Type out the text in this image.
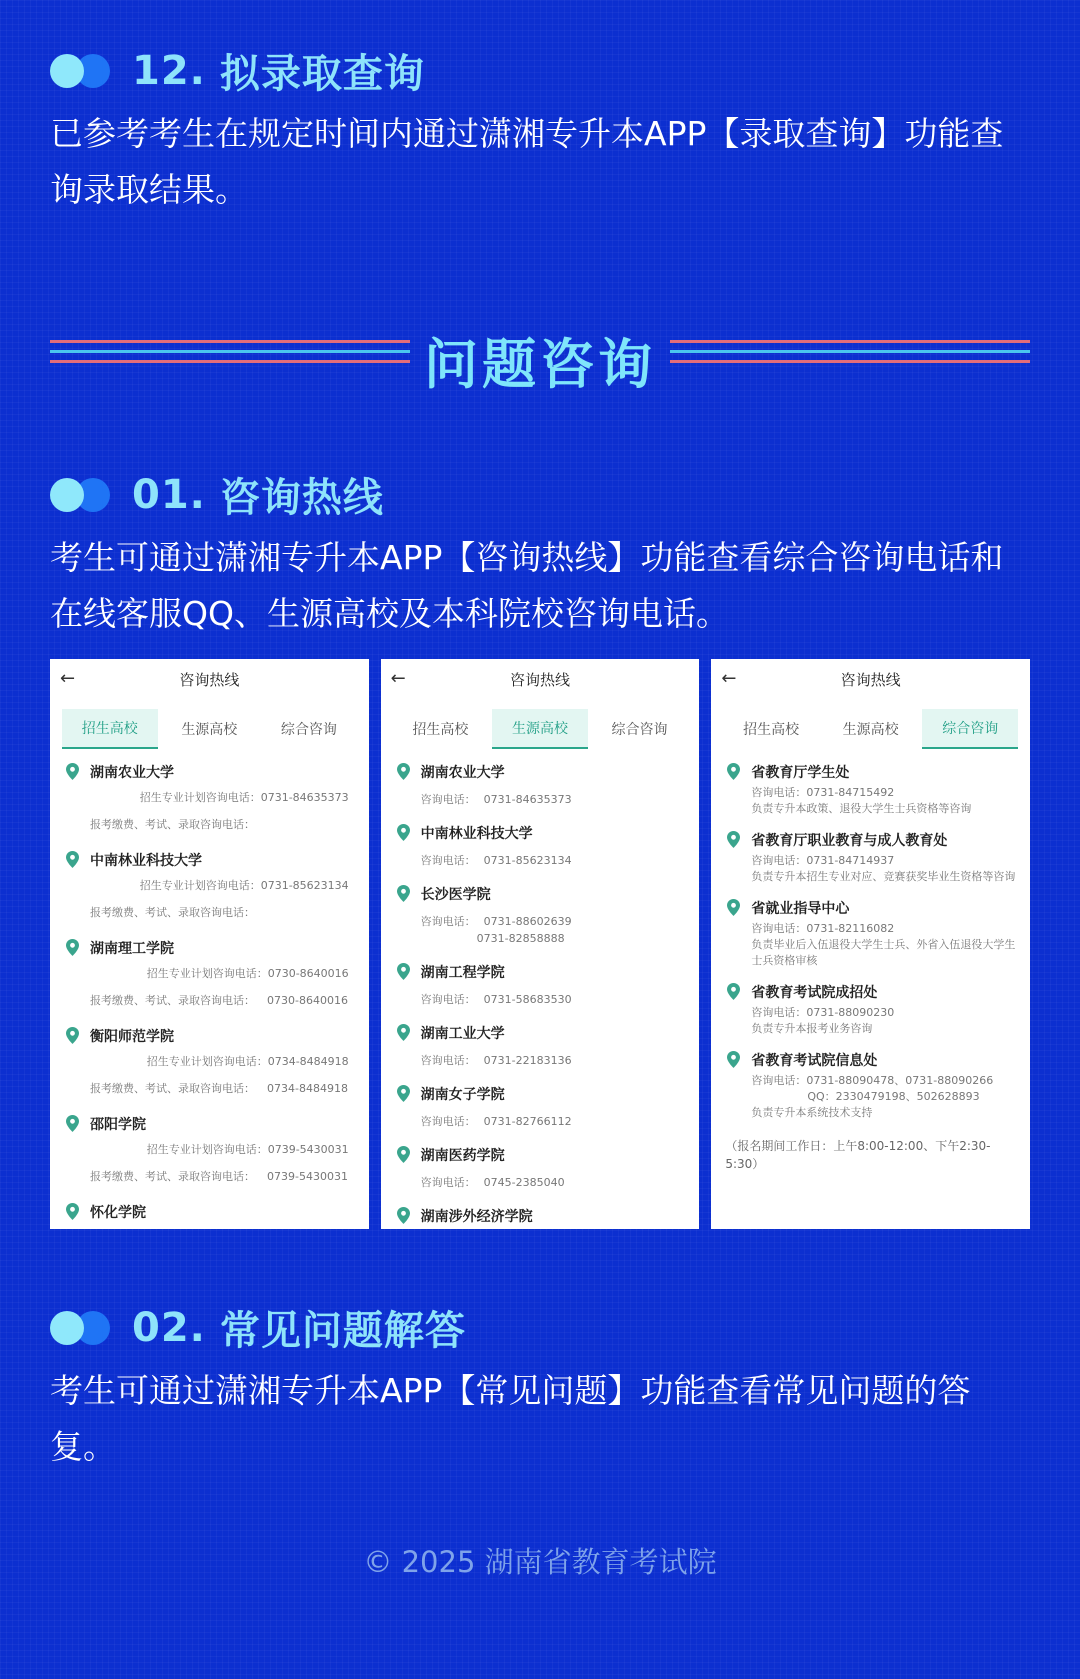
12. 拟录取查询
已参考考生在规定时间内通过潇湘专升本APP【录取查询】功能查询录取结果。
问题咨询
01. 咨询热线
考生可通过潇湘专升本APP【咨询热线】功能查看综合咨询电话和在线客服QQ、生源高校及本科院校咨询电话。
←	咨询热线
招生高校	生源高校	综合咨询
湖南农业大学
招生专业计划咨询电话：0731-84635373
报考缴费、考试、录取咨询电话：
中南林业科技大学
招生专业计划咨询电话：0731-85623134
报考缴费、考试、录取咨询电话：
湖南理工学院
招生专业计划咨询电话：0730-8640016
报考缴费、考试、录取咨询电话： 0730-8640016
衡阳师范学院
招生专业计划咨询电话：0734-8484918
报考缴费、考试、录取咨询电话： 0734-8484918
邵阳学院
招生专业计划咨询电话：0739-5430031
报考缴费、考试、录取咨询电话： 0739-5430031
怀化学院
←	咨询热线
招生高校	生源高校	综合咨询
湖南农业大学
咨询电话： 0731-84635373
中南林业科技大学
咨询电话： 0731-85623134
长沙医学院
咨询电话： 0731-88602639
0731-82858888
湖南工程学院
咨询电话： 0731-58683530
湖南工业大学
咨询电话： 0731-22183136
湖南女子学院
咨询电话： 0731-82766112
湖南医药学院
咨询电话： 0745-2385040
湖南涉外经济学院
←	咨询热线
招生高校	生源高校	综合咨询
省教育厅学生处
咨询电话：0731-84715492
负责专升本政策、退役大学生士兵资格等咨询
省教育厅职业教育与成人教育处
咨询电话：0731-84714937
负责专升本招生专业对应、竞赛获奖毕业生资格等咨询
省就业指导中心
咨询电话：0731-82116082
负责毕业后入伍退役大学生士兵、外省入伍退役大学生士兵资格审核
省教育考试院成招处
咨询电话：0731-88090230
负责专升本报考业务咨询
省教育考试院信息处
咨询电话：0731-88090478、0731-88090266
QQ：2330479198、502628893
负责专升本系统技术支持
（报名期间工作日：上午8:00-12:00、下午2:30-5:30）
02. 常见问题解答
考生可通过潇湘专升本APP【常见问题】功能查看常见问题的答复。
© 2025 湖南省教育考试院
